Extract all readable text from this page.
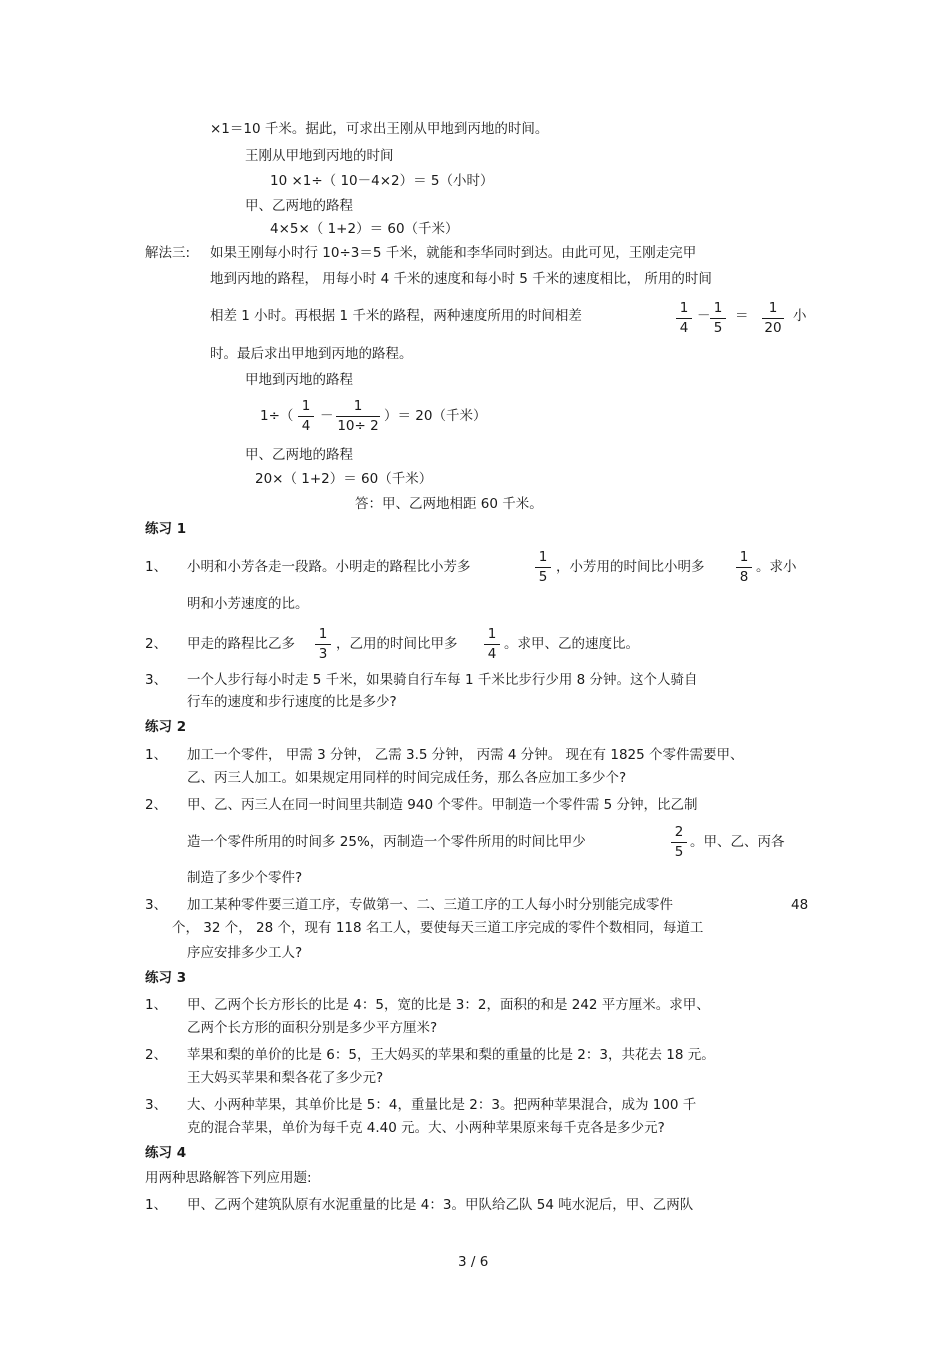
×1＝10 千米。据此，可求出王刚从甲地到丙地的时间。
王刚从甲地到丙地的时间
10 ×1÷（ 10－4×2）＝ 5（小时）
甲、乙两地的路程
4×5×（ 1+2）＝ 60（千米）
解法三: 如果王刚每小时行 10÷3＝5 千米，就能和李华同时到达。由此可见，王刚走完甲
地到丙地的路程， 用每小时 4 千米的速度和每小时 5 千米的速度相比， 所用的时间
相差 1 小时。再根据 1 千米的路程，两种速度所用的时间相差	1
4
－ 1
5
＝	1
20
小
时。最后求出甲地到丙地的路程。
甲地到丙地的路程
1÷（
1
4
－
1
10÷ 2
）＝ 20（千米）
甲、乙两地的路程
20×（ 1+2）＝ 60（千米）
答：甲、乙两地相距 60 千米。
练习 1
1、 小明和小芳各走一段路。小明走的路程比小芳多
1
5
，小芳用的时间比小明多
1
8
。求小
明和小芳速度的比。
2、 甲走的路程比乙多
1
3
，乙用的时间比甲多
1
4
。求甲、乙的速度比。
3、 一个人步行每小时走 5 千米，如果骑自行车每 1 千米比步行少用 8 分钟。这个人骑自
行车的速度和步行速度的比是多少?
练习 2
1、 加工一个零件， 甲需 3 分钟， 乙需 3.5 分钟， 丙需 4 分钟。 现在有 1825 个零件需要甲、
乙、丙三人加工。如果规定用同样的时间完成任务，那么各应加工多少个?
2、 甲、乙、丙三人在同一时间里共制造 940 个零件。甲制造一个零件需 5 分钟，比乙制
造一个零件所用的时间多 25%，丙制造一个零件所用的时间比甲少
2
5
。甲、乙、丙各
制造了多少个零件?
3、 加工某种零件要三道工序，专做第一、二、三道工序的工人每小时分别能完成零件	48
个， 32 个， 28 个，现有 118 名工人，要使每天三道工序完成的零件个数相同，每道工
序应安排多少工人?
练习 3
1、 甲、乙两个长方形长的比是 4：5，宽的比是 3：2，面积的和是 242 平方厘米。求甲、
乙两个长方形的面积分别是多少平方厘米?
2、 苹果和梨的单价的比是 6：5，王大妈买的苹果和梨的重量的比是 2：3，共花去 18 元。
王大妈买苹果和梨各花了多少元?
3、 大、小两种苹果，其单价比是 5：4，重量比是 2：3。把两种苹果混合，成为 100 千
克的混合苹果，单价为每千克 4.40 元。大、小两种苹果原来每千克各是多少元?
练习 4
用两种思路解答下列应用题:
1、 甲、乙两个建筑队原有水泥重量的比是 4：3。甲队给乙队 54 吨水泥后，甲、乙两队
3 / 6
